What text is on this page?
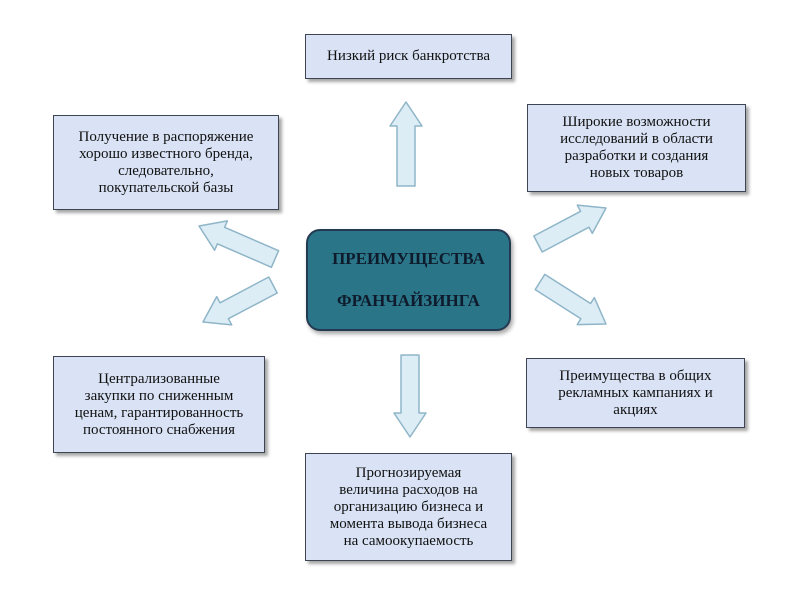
Низкий риск банкротства
Широкие возможности
исследований в области
разработки и создания
новых товаров
Получение в распоряжение
хорошо известного бренда,
следовательно,
покупательской базы
Централизованные
закупки по сниженным
ценам, гарантированность
постоянного снабжения
Преимущества в общих
рекламных кампаниях и
акциях
Прогнозируемая
величина расходов на
организацию бизнеса и
момента вывода бизнеса
на самоокупаемость
ПРЕИМУЩЕСТВА
ФРАНЧАЙЗИНГА
